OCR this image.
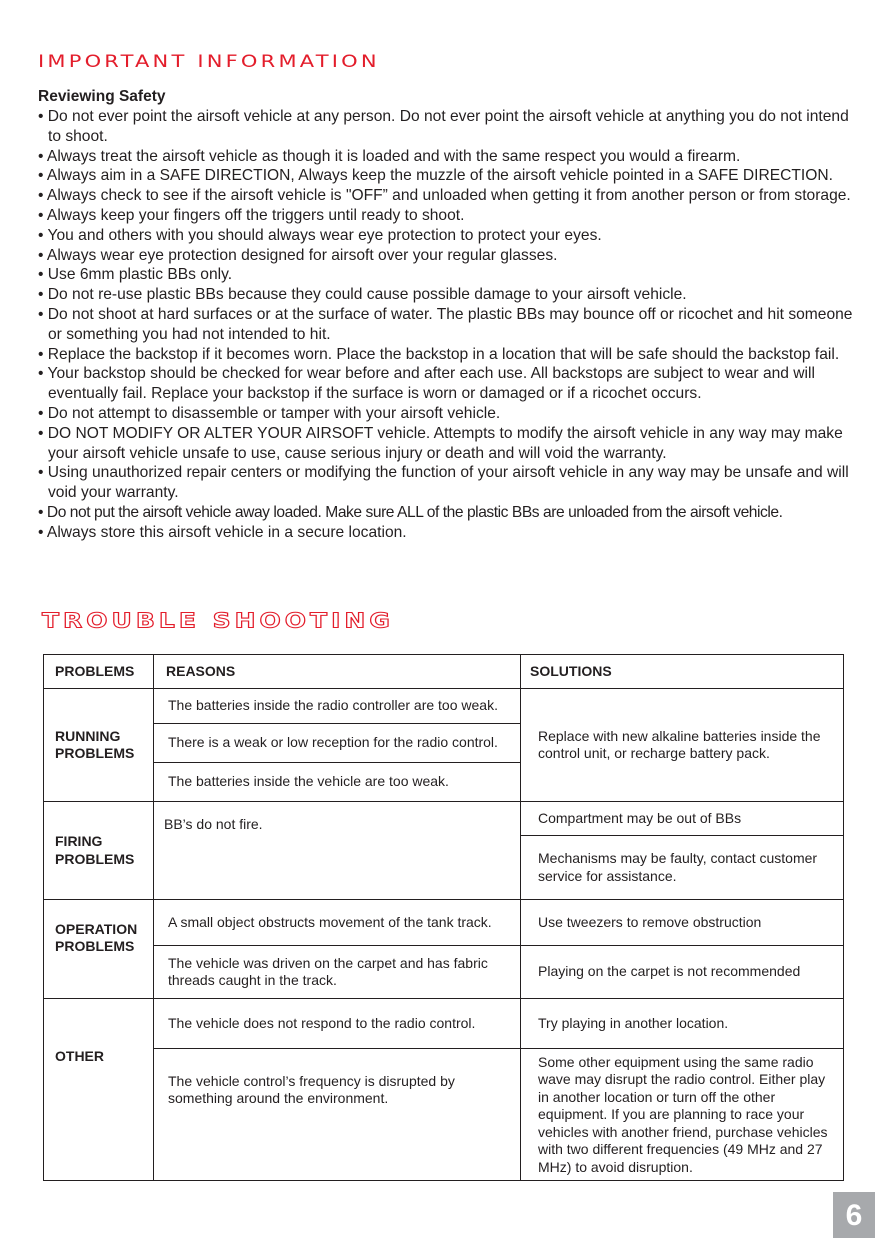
IMPORTANT INFORMATION
Reviewing Safety
• Do not ever point the airsoft vehicle at any person. Do not ever point the airsoft vehicle at anything you do not intend to shoot.
• Always treat the airsoft vehicle as though it is loaded and with the same respect you would a firearm.
• Always aim in a SAFE DIRECTION, Always keep the muzzle of the airsoft vehicle pointed in a SAFE DIRECTION.
• Always check to see if the airsoft vehicle is "OFF” and unloaded when getting it from another person or from storage.
• Always keep your fingers off the triggers until ready to shoot.
• You and others with you should always wear eye protection to protect your eyes.
• Always wear eye protection designed for airsoft over your regular glasses.
• Use 6mm plastic BBs only.
• Do not re-use plastic BBs because they could cause possible damage to your airsoft vehicle.
• Do not shoot at hard surfaces or at the surface of water. The plastic BBs may bounce off or ricochet and hit someone or something you had not intended to hit.
• Replace the backstop if it becomes worn. Place the backstop in a location that will be safe should the backstop fail.
• Your backstop should be checked for wear before and after each use. All backstops are subject to wear and will eventually fail. Replace your backstop if the surface is worn or damaged or if a ricochet occurs.
• Do not attempt to disassemble or tamper with your airsoft vehicle.
• DO NOT MODIFY OR ALTER YOUR AIRSOFT vehicle. Attempts to modify the airsoft vehicle in any way may make your airsoft vehicle unsafe to use, cause serious injury or death and will void the warranty.
• Using unauthorized repair centers or modifying the function of your airsoft vehicle in any way may be unsafe and will void your warranty.
• Do not put the airsoft vehicle away loaded. Make sure ALL of the plastic BBs are unloaded from the airsoft vehicle.
• Always store this airsoft vehicle in a secure location.
TROUBLE SHOOTING
PROBLEMS REASONS	SOLUTIONS
RUNNING PROBLEMS
The batteries inside the radio controller are too weak.
There is a weak or low reception for the radio control.
The batteries inside the vehicle are too weak.
Replace with new alkaline batteries inside the control unit, or recharge battery pack.
FIRING PROBLEMS
BB’s do not fire.	Compartment may be out of BBs
Mechanisms may be faulty, contact customer service for assistance.
OPERATION PROBLEMS
A small object obstructs movement of the tank track.
The vehicle was driven on the carpet and has fabric threads caught in the track.
Use tweezers to remove obstruction
Playing on the carpet is not recommended
OTHER
The vehicle does not respond to the radio control.
The vehicle control’s frequency is disrupted by something around the environment.
Try playing in another location.
Some other equipment using the same radio wave may disrupt the radio control. Either play in another location or turn off the other equipment. If you are planning to race your vehicles with another friend, purchase vehicles with two different frequencies (49 MHz and 27 MHz) to avoid disruption.
6
